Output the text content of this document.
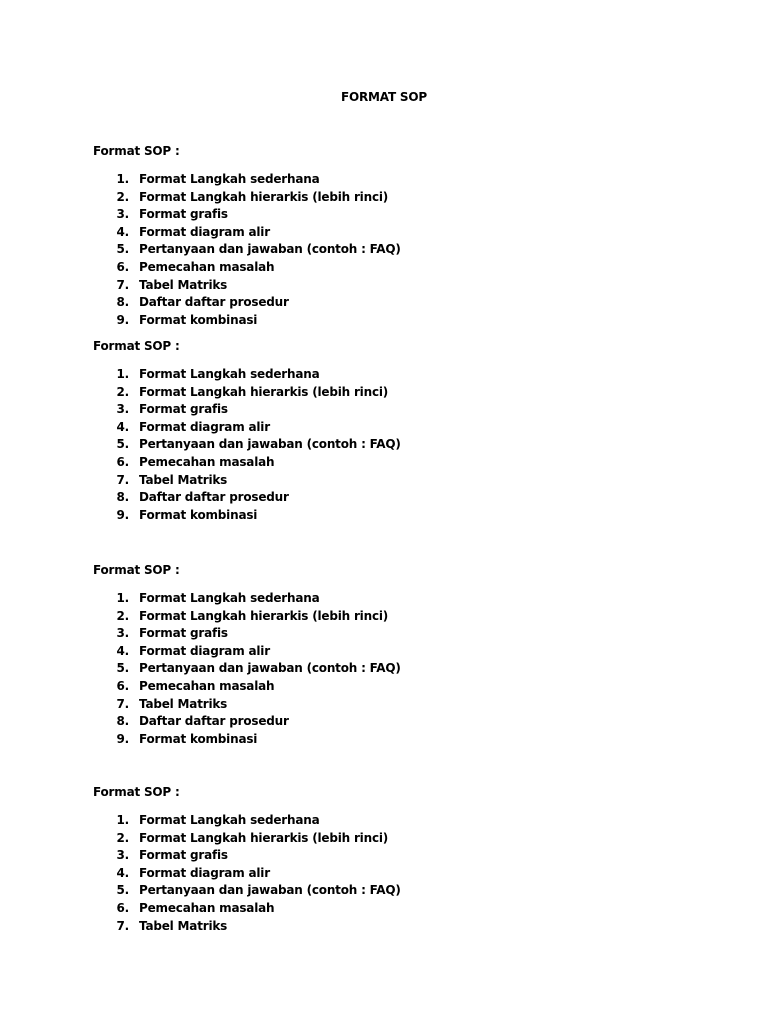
FORMAT SOP

Format SOP :

1. Format Langkah sederhana
2. Format Langkah hierarkis (lebih rinci)
3. Format grafis
4. Format diagram alir
5. Pertanyaan dan jawaban (contoh : FAQ)
6. Pemecahan masalah
7. Tabel Matriks
8. Daftar daftar prosedur
9. Format kombinasi

Format SOP :

1. Format Langkah sederhana
2. Format Langkah hierarkis (lebih rinci)
3. Format grafis
4. Format diagram alir
5. Pertanyaan dan jawaban (contoh : FAQ)
6. Pemecahan masalah
7. Tabel Matriks
8. Daftar daftar prosedur
9. Format kombinasi

Format SOP :

1. Format Langkah sederhana
2. Format Langkah hierarkis (lebih rinci)
3. Format grafis
4. Format diagram alir
5. Pertanyaan dan jawaban (contoh : FAQ)
6. Pemecahan masalah
7. Tabel Matriks
8. Daftar daftar prosedur
9. Format kombinasi

Format SOP :

1. Format Langkah sederhana
2. Format Langkah hierarkis (lebih rinci)
3. Format grafis
4. Format diagram alir
5. Pertanyaan dan jawaban (contoh : FAQ)
6. Pemecahan masalah
7. Tabel Matriks
